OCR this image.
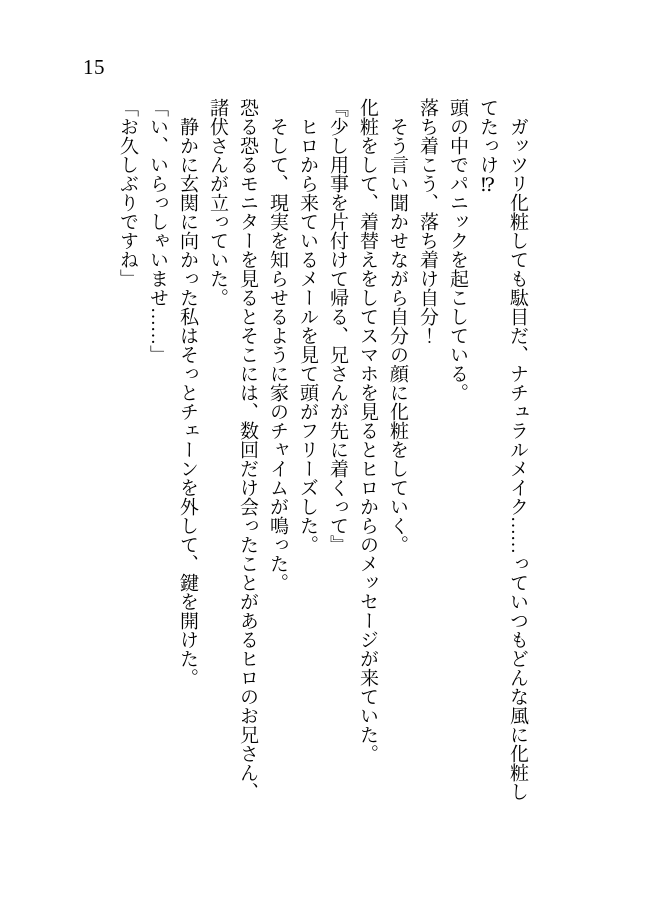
15

　ガッツリ化粧しても駄目だ、ナチュラルメイク……っていつもどんな風に化粧してたっけ⁉

頭の中でパニックを起こしている。

落ち着こう、落ち着け自分！

　そう言い聞かせながら自分の顔に化粧をしていく。

化粧をして、着替えをしてスマホを見るとヒロからのメッセージが来ていた。

『少し用事を片付けて帰る、兄さんが先に着くって』

　ヒロから来ているメールを見て頭がフリーズした。

　そして、現実を知らせるように家のチャイムが鳴った。

恐る恐るモニターを見るとそこには、数回だけ会ったことがあるヒロのお兄さん、諸伏さんが立っていた。

　静かに玄関に向かった私はそっとチェーンを外して、鍵を開けた。

「い、いらっしゃいませ……」

「お久しぶりですね」
